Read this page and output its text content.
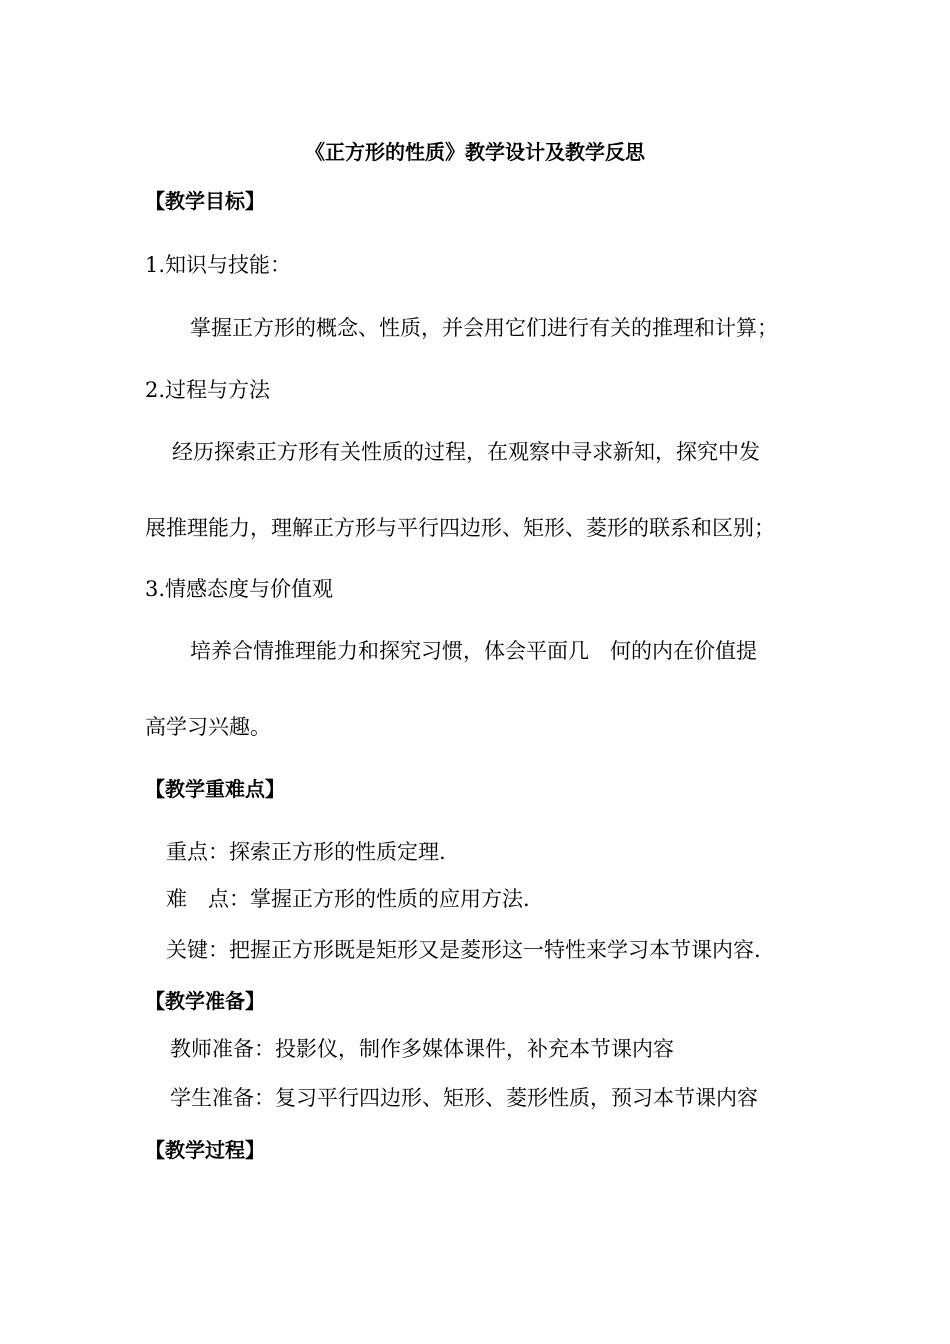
《正方形的性质》教学设计及教学反思
【教学目标】
1.知识与技能：
掌握正方形的概念、性质，并会用它们进行有关的推理和计算；
2.过程与方法
经历探索正方形有关性质的过程，在观察中寻求新知，探究中发
展推理能力，理解正方形与平行四边形、矩形、菱形的联系和区别；
3.情感态度与价值观
培养合情推理能力和探究习惯，体会平面几　何的内在价值提
高学习兴趣。
【教学重难点】
重点：探索正方形的性质定理.
难　点：掌握正方形的性质的应用方法.
关键：把握正方形既是矩形又是菱形这一特性来学习本节课内容.
【教学准备】
教师准备：投影仪，制作多媒体课件，补充本节课内容
学生准备：复习平行四边形、矩形、菱形性质，预习本节课内容
【教学过程】
